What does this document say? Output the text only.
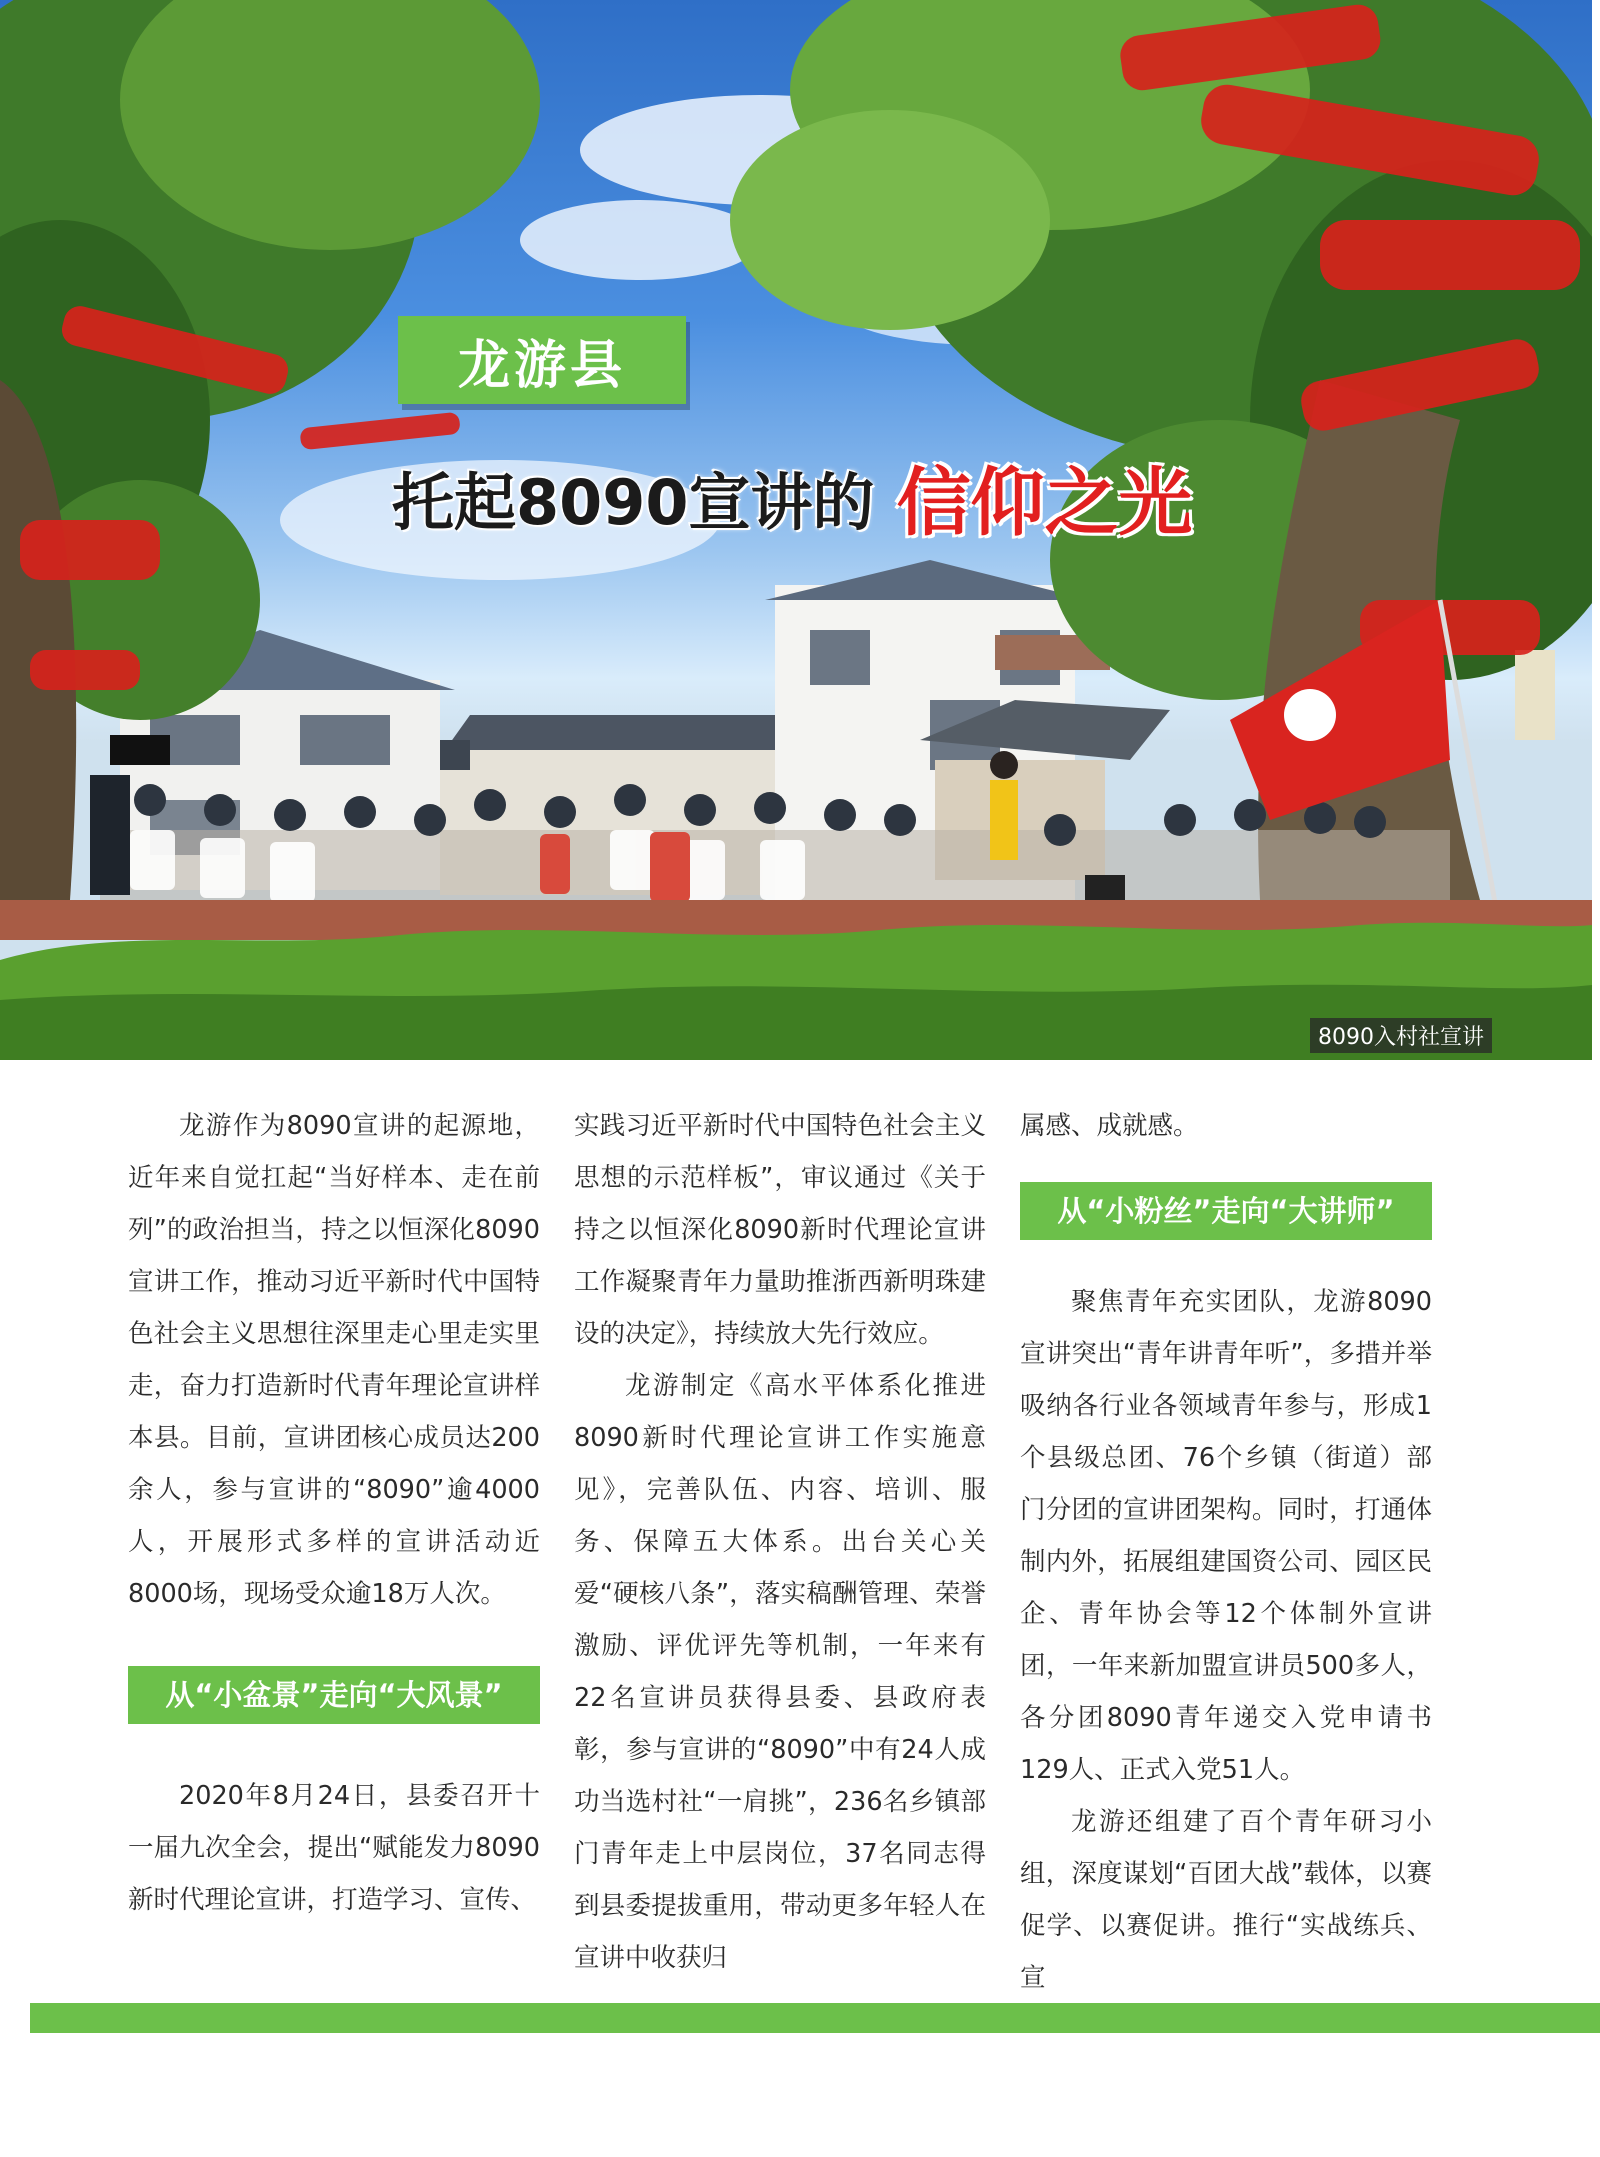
龙游县
托起8090宣讲的 信仰之光
8090入村社宣讲

龙游作为8090宣讲的起源地，近年来自觉扛起“当好样本、走在前列”的政治担当，持之以恒深化8090宣讲工作，推动习近平新时代中国特色社会主义思想往深里走心里走实里走，奋力打造新时代青年理论宣讲样本县。目前，宣讲团核心成员达200余人，参与宣讲的“8090”逾4000人，开展形式多样的宣讲活动近8000场，现场受众逾18万人次。

从“小盆景”走向“大风景”

2020年8月24日，县委召开十一届九次全会，提出“赋能发力8090新时代理论宣讲，打造学习、宣传、

实践习近平新时代中国特色社会主义思想的示范样板”，审议通过《关于持之以恒深化8090新时代理论宣讲工作凝聚青年力量助推浙西新明珠建设的决定》，持续放大先行效应。

龙游制定《高水平体系化推进8090新时代理论宣讲工作实施意见》，完善队伍、内容、培训、服务、保障五大体系。出台关心关爱“硬核八条”，落实稿酬管理、荣誉激励、评优评先等机制，一年来有22名宣讲员获得县委、县政府表彰，参与宣讲的“8090”中有24人成功当选村社“一肩挑”，236名乡镇部门青年走上中层岗位，37名同志得到县委提拔重用，带动更多年轻人在宣讲中收获归

属感、成就感。

从“小粉丝”走向“大讲师”

聚焦青年充实团队，龙游8090宣讲突出“青年讲青年听”，多措并举吸纳各行业各领域青年参与，形成1个县级总团、76个乡镇（街道）部门分团的宣讲团架构。同时，打通体制内外，拓展组建国资公司、园区民企、青年协会等12个体制外宣讲团，一年来新加盟宣讲员500多人，各分团8090青年递交入党申请书129人、正式入党51人。

龙游还组建了百个青年研习小组，深度谋划“百团大战”载体，以赛促学、以赛促讲。推行“实战练兵、宣
